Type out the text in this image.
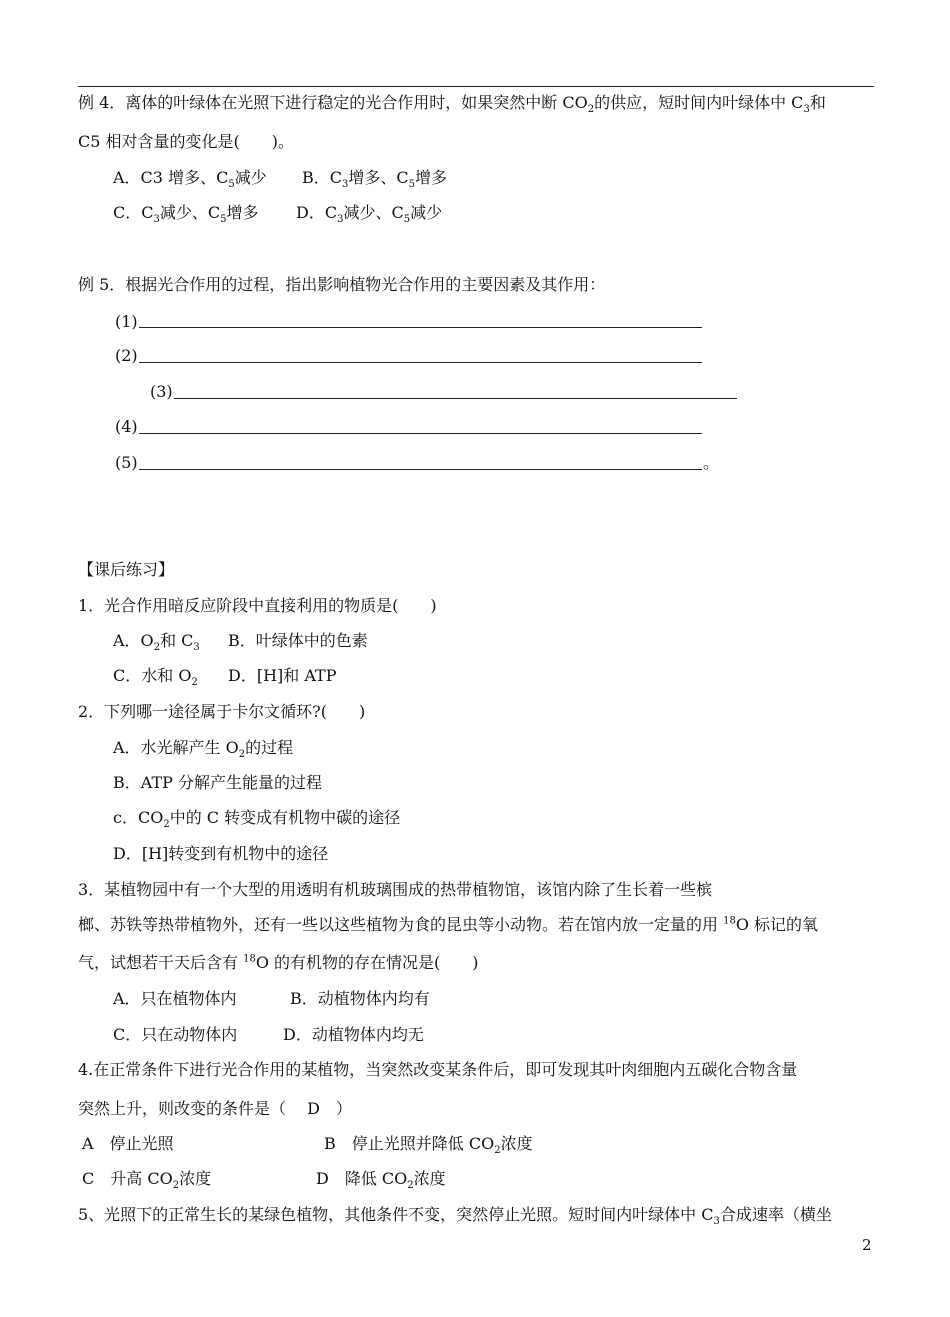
例 4．离体的叶绿体在光照下进行稳定的光合作用时，如果突然中断 $CO_2$的供应，短时间内叶绿体中 $C_3$和
C5 相对含量的变化是(　　)。
A．C3 增多、$C_5$减少 B．$C_3$增多、$C_5$增多
C．$C_3$减少、$C_5$增多 D．$C_3$减少、$C_5$减少
例 5．根据光合作用的过程，指出影响植物光合作用的主要因素及其作用：
(1)
(2)
(3)
(4)
(5)	。
【课后练习】
1．光合作用暗反应阶段中直接利用的物质是(　　)
A．$O_2$和 $C_3$ B．叶绿体中的色素
C．水和 $O_2$ D．[H]和 ATP
2．下列哪一途径属于卡尔文循环?(　　)
A．水光解产生 $O_2$的过程
B．ATP 分解产生能量的过程
c．$CO_2$中的 C 转变成有机物中碳的途径
D．[H]转变到有机物中的途径
3．某植物园中有一个大型的用透明有机玻璃围成的热带植物馆，该馆内除了生长着一些槟
榔、苏铁等热带植物外，还有一些以这些植物为食的昆虫等小动物。若在馆内放一定量的用 $^{18}$O 标记的氧
气，试想若干天后含有 $^{18}$O 的有机物的存在情况是(　　)
A．只在植物体内	B．动植物体内均有
C．只在动物体内	D．动植物体内均无
4.在正常条件下进行光合作用的某植物，当突然改变某条件后，即可发现其叶肉细胞内五碳化合物含量
突然上升，则改变的条件是（　 D　）
A　停止光照	B　停止光照并降低 $CO_2$浓度
C　升高 $CO_2$浓度	D　降低 $CO_2$浓度
5、光照下的正常生长的某绿色植物，其他条件不变，突然停止光照。短时间内叶绿体中 $C_3$合成速率（横坐
2
